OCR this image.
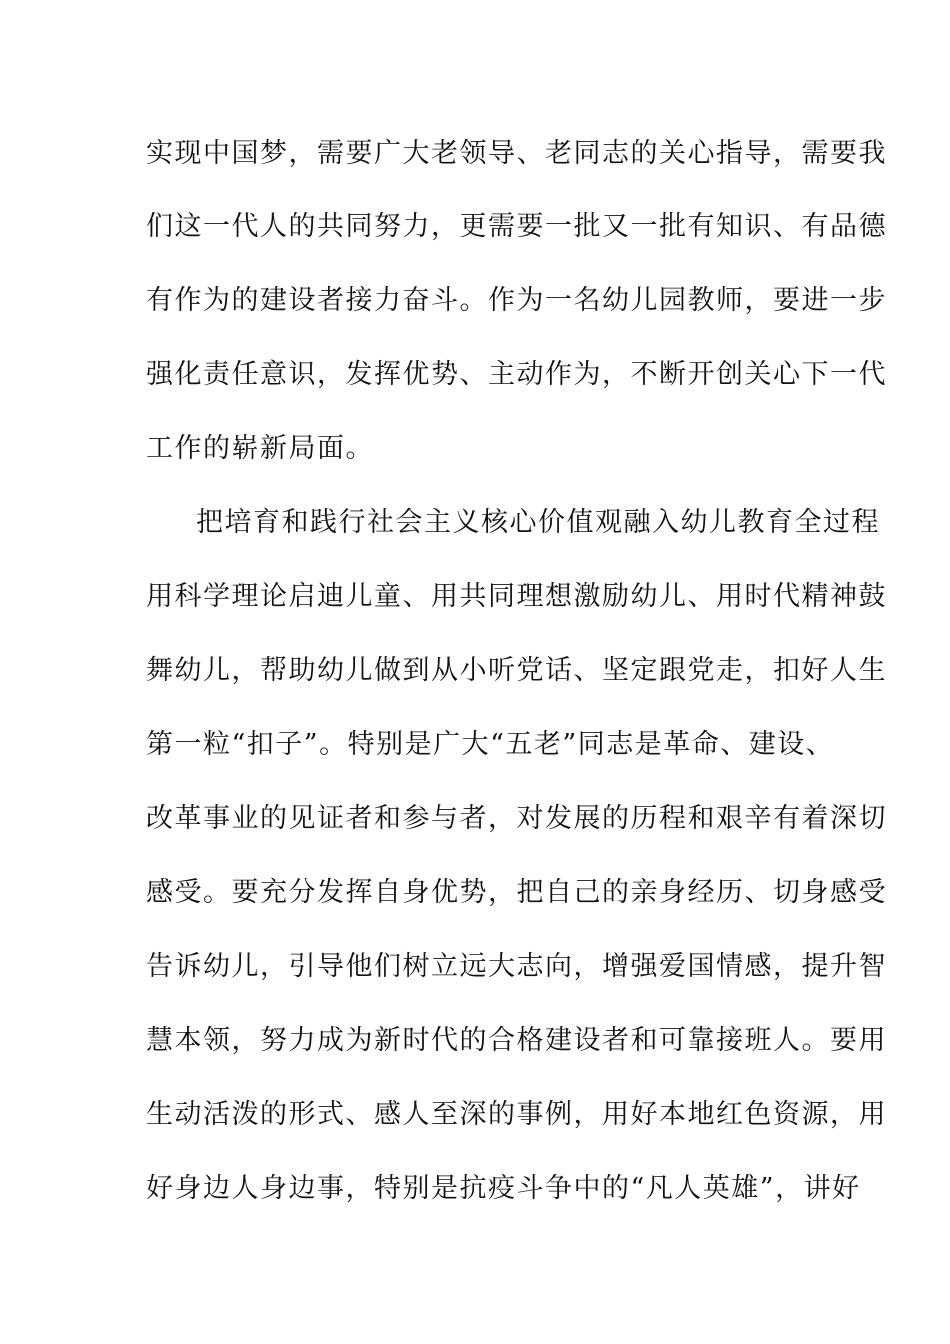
实现中国梦，需要广大老领导、老同志的关心指导，需要我
们这一代人的共同努力，更需要一批又一批有知识、有品德
有作为的建设者接力奋斗。作为一名幼儿园教师，要进一步
强化责任意识，发挥优势、主动作为，不断开创关心下一代
工作的崭新局面。
把培育和践行社会主义核心价值观融入幼儿教育全过程
用科学理论启迪儿童、用共同理想激励幼儿、用时代精神鼓
舞幼儿，帮助幼儿做到从小听党话、坚定跟党走，扣好人生
第一粒“扣子”。特别是广大“五老”同志是革命、建设、
改革事业的见证者和参与者，对发展的历程和艰辛有着深切
感受。要充分发挥自身优势，把自己的亲身经历、切身感受
告诉幼儿，引导他们树立远大志向，增强爱国情感，提升智
慧本领，努力成为新时代的合格建设者和可靠接班人。要用
生动活泼的形式、感人至深的事例，用好本地红色资源，用
好身边人身边事，特别是抗疫斗争中的“凡人英雄”，讲好
